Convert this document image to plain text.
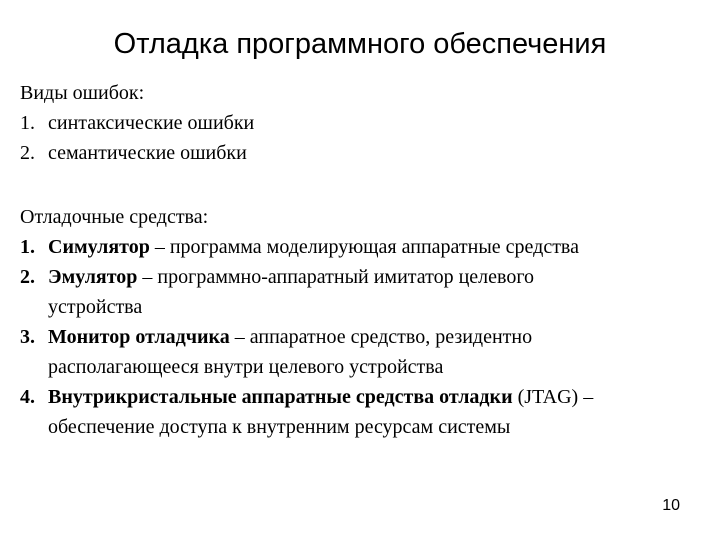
Отладка программного обеспечения
Виды ошибок:
1. синтаксические ошибки
2. семантические ошибки
Отладочные средства:
1. Симулятор – программа моделирующая аппаратные средства
2. Эмулятор – программно-аппаратный имитатор целевого устройства
3. Монитор отладчика – аппаратное средство, резидентно располагающееся внутри целевого устройства
4. Внутрикристальные аппаратные средства отладки (JTAG) – обеспечение доступа к внутренним ресурсам системы
10
